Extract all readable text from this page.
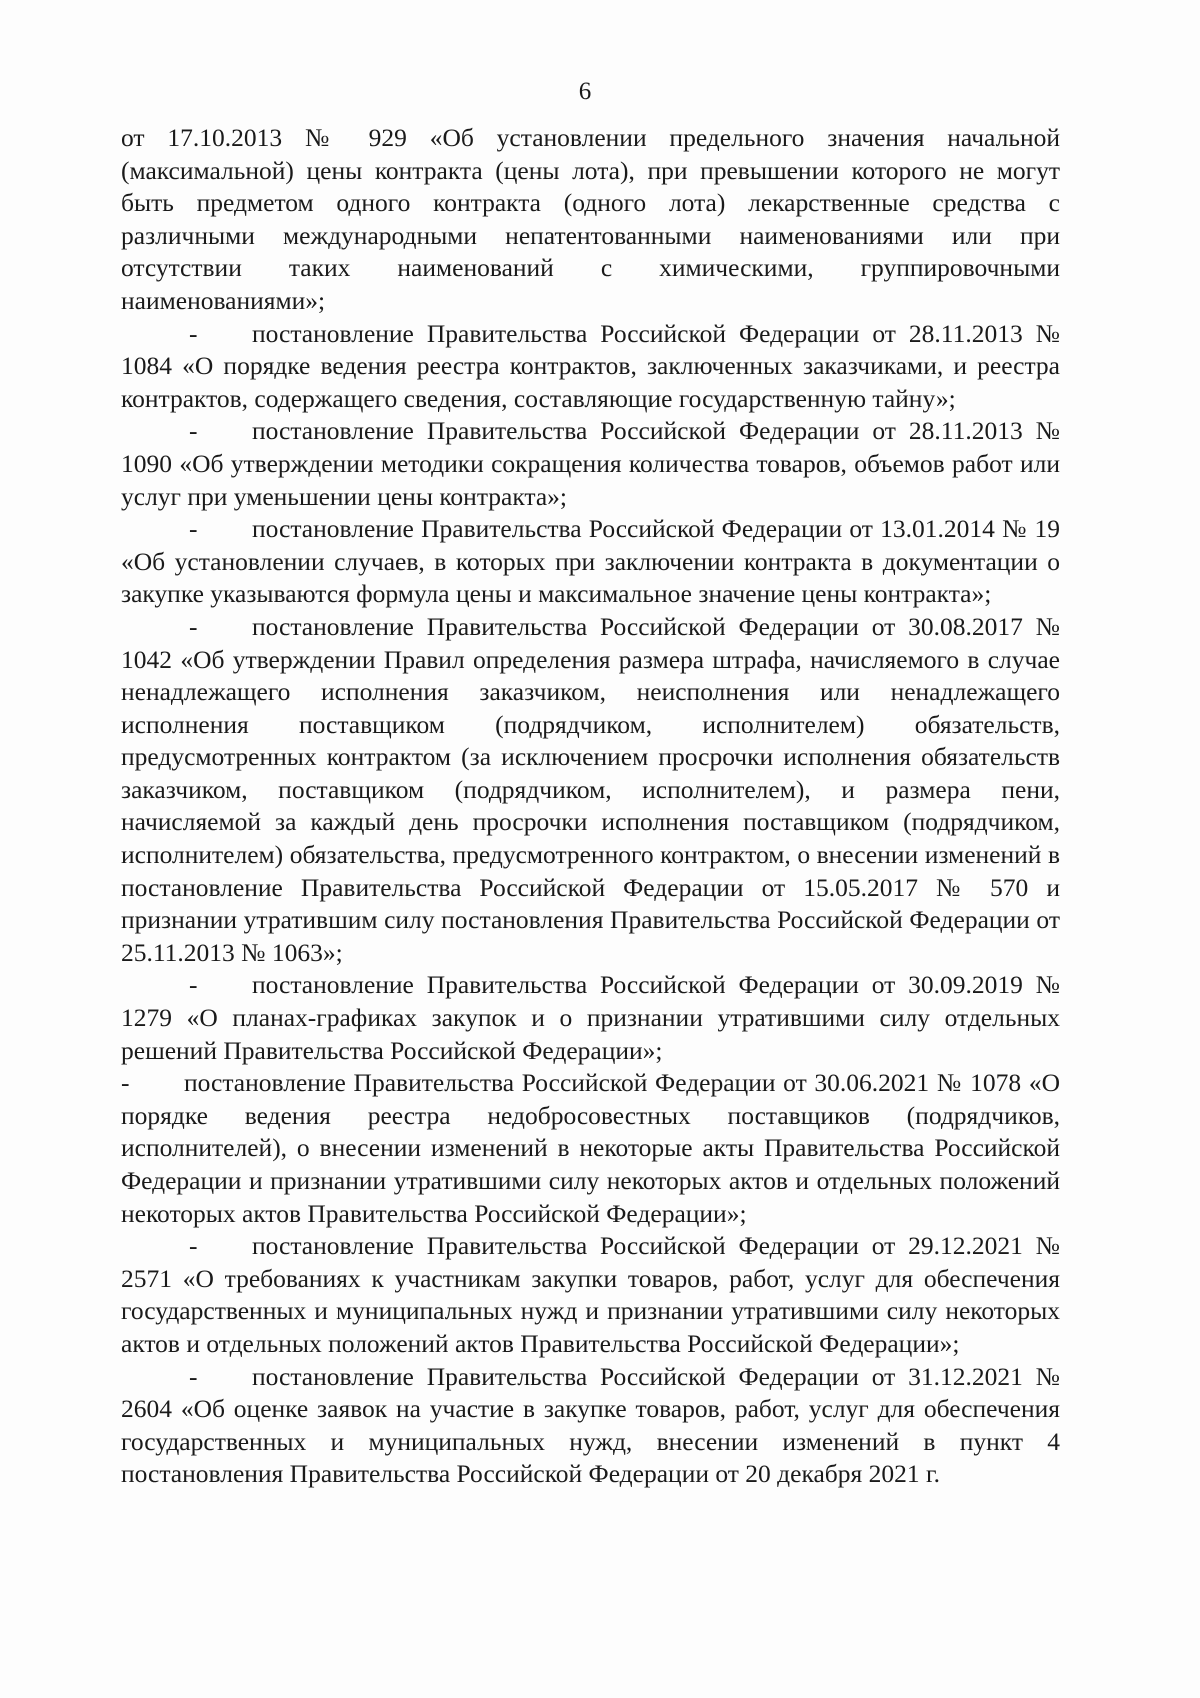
6

от 17.10.2013 № 929 «Об установлении предельного значения начальной (максимальной) цены контракта (цены лота), при превышении которого не могут быть предметом одного контракта (одного лота) лекарственные средства с различными международными непатентованными наименованиями или при отсутствии таких наименований с химическими, группировочными наименованиями»;

- постановление Правительства Российской Федерации от 28.11.2013 № 1084 «О порядке ведения реестра контрактов, заключенных заказчиками, и реестра контрактов, содержащего сведения, составляющие государственную тайну»;

- постановление Правительства Российской Федерации от 28.11.2013 № 1090 «Об утверждении методики сокращения количества товаров, объемов работ или услуг при уменьшении цены контракта»;

- постановление Правительства Российской Федерации от 13.01.2014 № 19 «Об установлении случаев, в которых при заключении контракта в документации о закупке указываются формула цены и максимальное значение цены контракта»;

- постановление Правительства Российской Федерации от 30.08.2017 № 1042 «Об утверждении Правил определения размера штрафа, начисляемого в случае ненадлежащего исполнения заказчиком, неисполнения или ненадлежащего исполнения поставщиком (подрядчиком, исполнителем) обязательств, предусмотренных контрактом (за исключением просрочки исполнения обязательств заказчиком, поставщиком (подрядчиком, исполнителем), и размера пени, начисляемой за каждый день просрочки исполнения поставщиком (подрядчиком, исполнителем) обязательства, предусмотренного контрактом, о внесении изменений в постановление Правительства Российской Федерации от 15.05.2017 № 570 и признании утратившим силу постановления Правительства Российской Федерации от 25.11.2013 № 1063»;

- постановление Правительства Российской Федерации от 30.09.2019 № 1279 «О планах-графиках закупок и о признании утратившими силу отдельных решений Правительства Российской Федерации»;

- постановление Правительства Российской Федерации от 30.06.2021 № 1078 «О порядке ведения реестра недобросовестных поставщиков (подрядчиков, исполнителей), о внесении изменений в некоторые акты Правительства Российской Федерации и признании утратившими силу некоторых актов и отдельных положений некоторых актов Правительства Российской Федерации»;

- постановление Правительства Российской Федерации от 29.12.2021 № 2571 «О требованиях к участникам закупки товаров, работ, услуг для обеспечения государственных и муниципальных нужд и признании утратившими силу некоторых актов и отдельных положений актов Правительства Российской Федерации»;

- постановление Правительства Российской Федерации от 31.12.2021 № 2604 «Об оценке заявок на участие в закупке товаров, работ, услуг для обеспечения государственных и муниципальных нужд, внесении изменений в пункт 4 постановления Правительства Российской Федерации от 20 декабря 2021 г.
